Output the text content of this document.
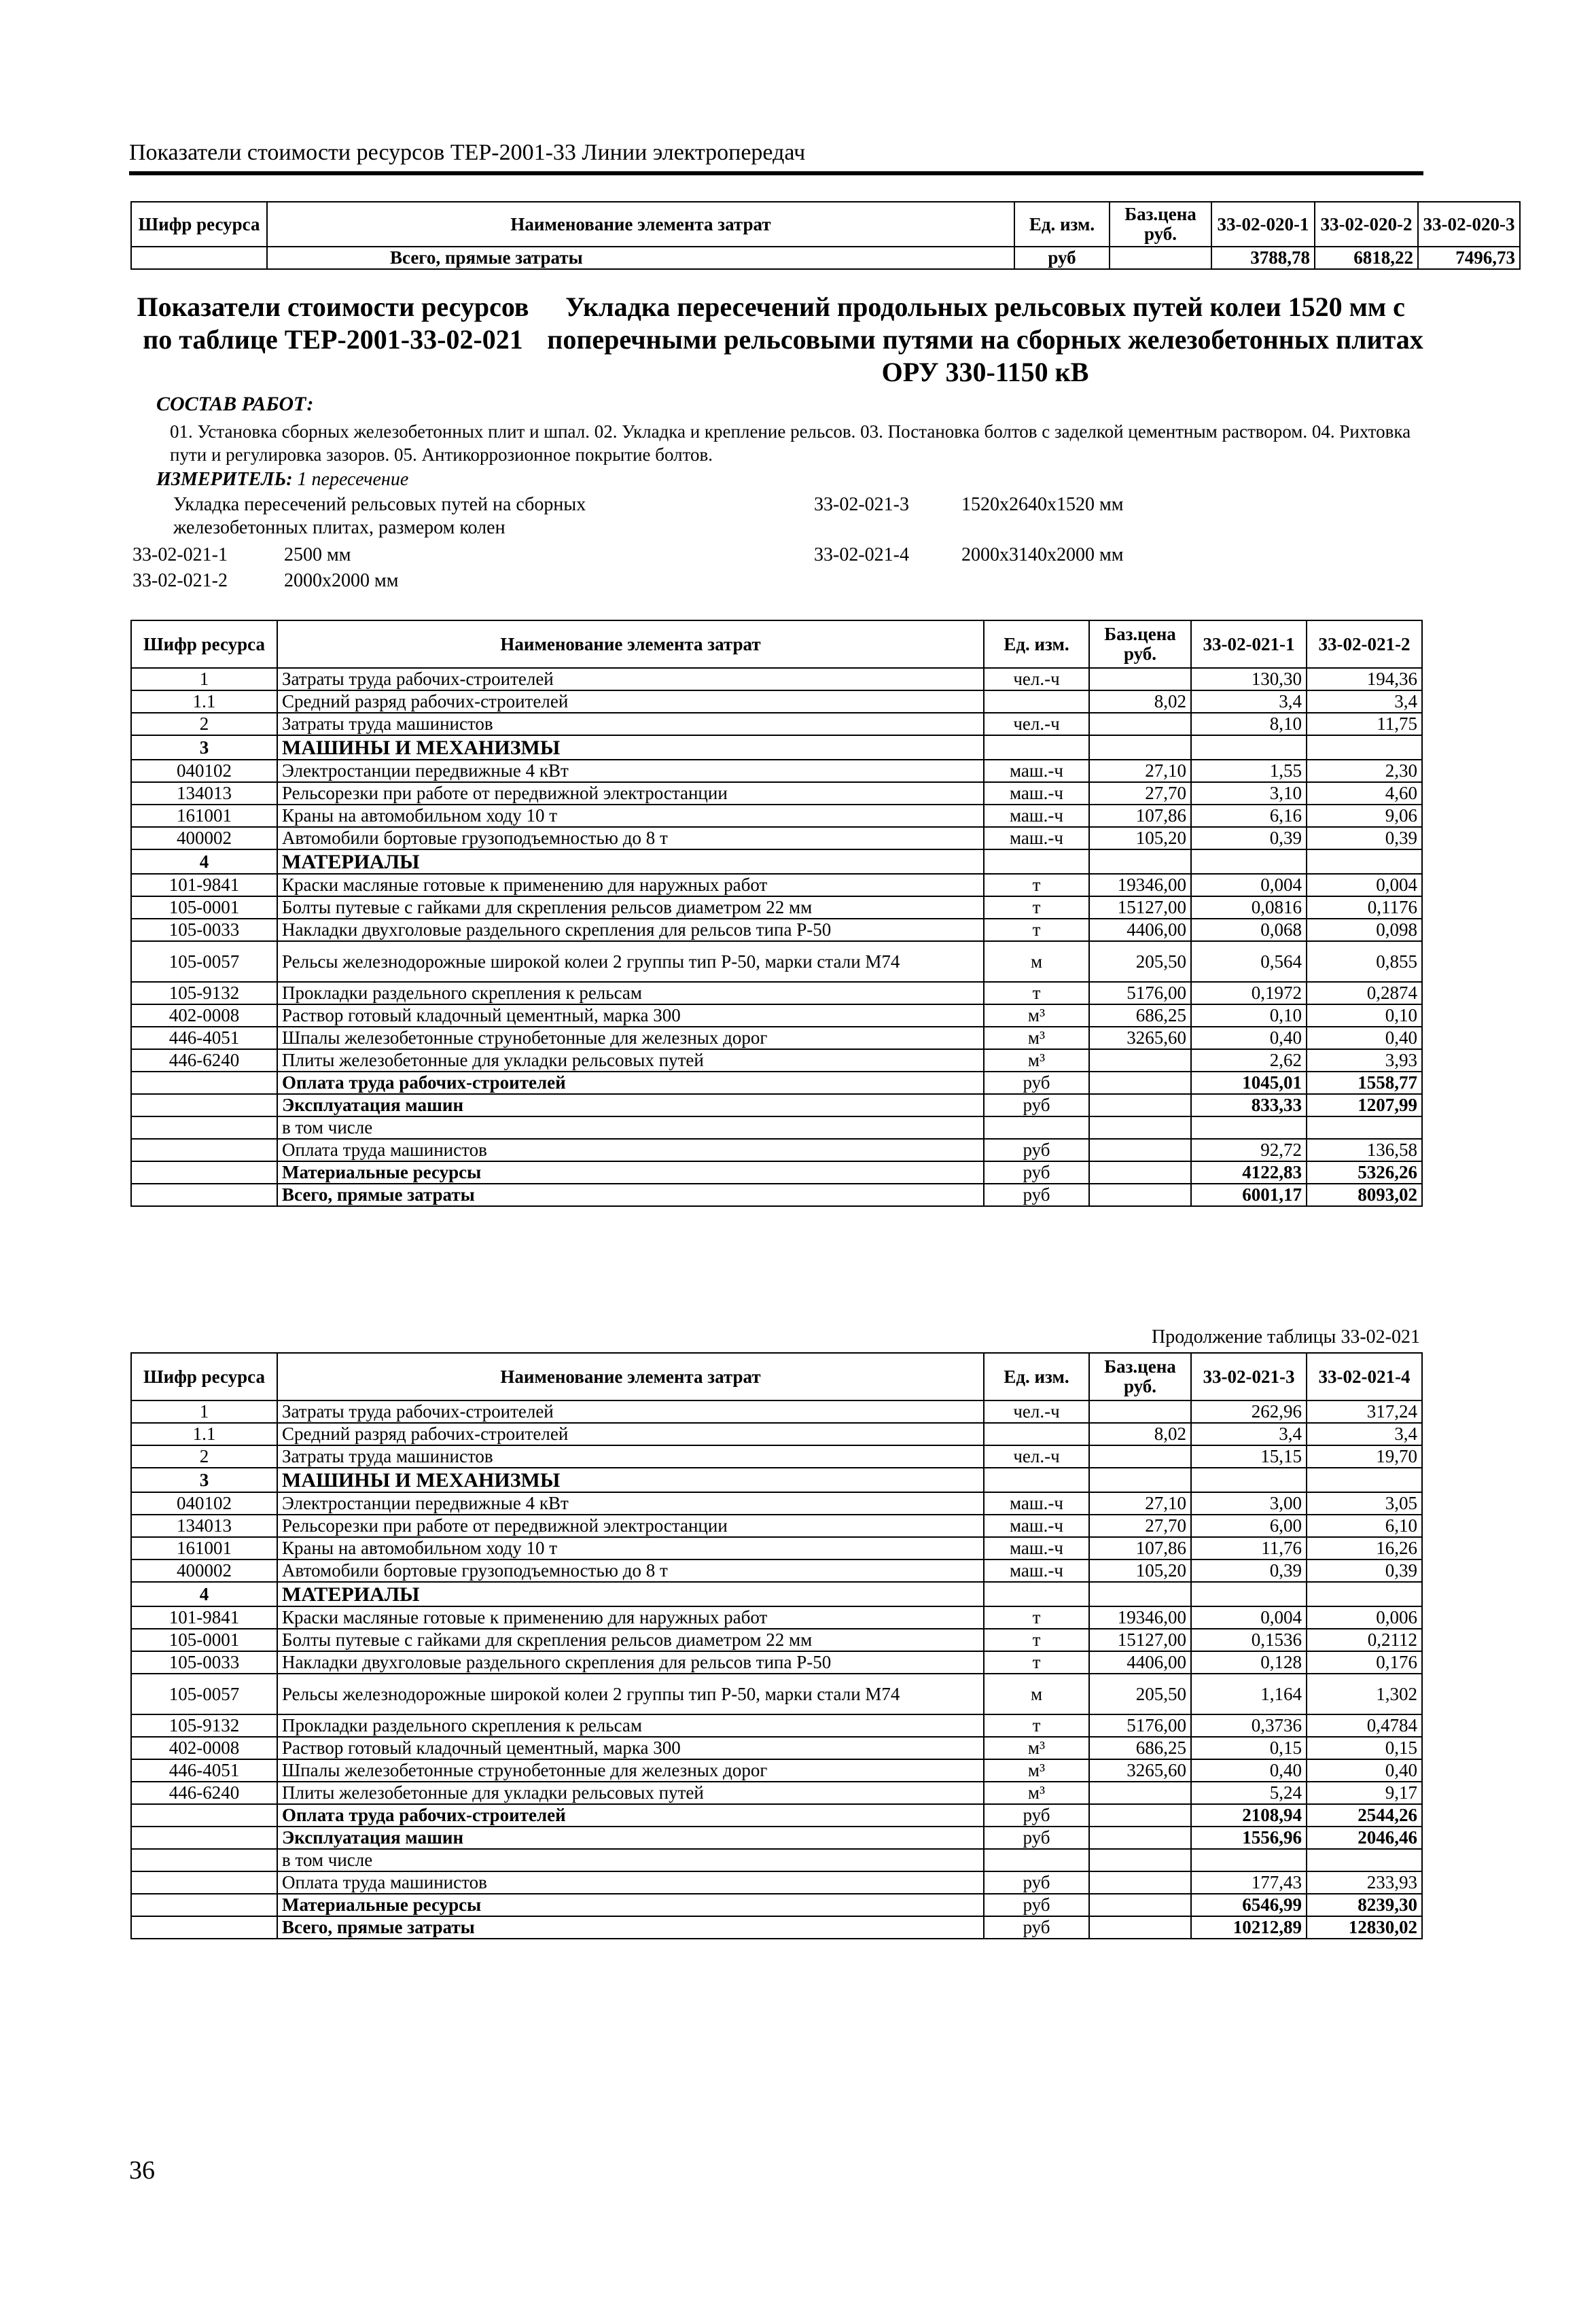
Показатели стоимости ресурсов ТЕР-2001-33 Линии электропередач
Шифр ресурса	Наименование элемента затрат	Ед. изм.	Баз.цена руб.	33-02-020-1	33-02-020-2	33-02-020-3
	Всего, прямые затраты	руб		3788,78	6818,22	7496,73
Показатели стоимости ресурсов по таблице ТЕР-2001-33-02-021
Укладка пересечений продольных рельсовых путей колеи 1520 мм с поперечными рельсовыми путями на сборных железобетонных плитах ОРУ 330-1150 кВ
СОСТАВ РАБОТ:
01. Установка сборных железобетонных плит и шпал. 02. Укладка и крепление рельсов. 03. Постановка болтов с заделкой цементным раствором. 04. Рихтовка пути и регулировка зазоров. 05. Антикоррозионное покрытие болтов.
ИЗМЕРИТЕЛЬ: 1 пересечение
Укладка пересечений рельсовых путей на сборных железобетонных плитах, размером колен
33-02-021-1	2500 мм
33-02-021-2	2000х2000 мм
33-02-021-3	1520х2640х1520 мм
33-02-021-4	2000х3140х2000 мм
Шифр ресурса	Наименование элемента затрат	Ед. изм.	Баз.цена руб.	33-02-021-1	33-02-021-2
1	Затраты труда рабочих-строителей	чел.-ч		130,30	194,36
1.1	Средний разряд рабочих-строителей		8,02	3,4	3,4
2	Затраты труда машинистов	чел.-ч		8,10	11,75
3	МАШИНЫ И МЕХАНИЗМЫ				
040102	Электростанции передвижные 4 кВт	маш.-ч	27,10	1,55	2,30
134013	Рельсорезки при работе от передвижной электростанции	маш.-ч	27,70	3,10	4,60
161001	Краны на автомобильном ходу 10 т	маш.-ч	107,86	6,16	9,06
400002	Автомобили бортовые грузоподъемностью до 8 т	маш.-ч	105,20	0,39	0,39
4	МАТЕРИАЛЫ				
101-9841	Краски масляные готовые к применению для наружных работ	т	19346,00	0,004	0,004
105-0001	Болты путевые с гайками для скрепления рельсов диаметром 22 мм	т	15127,00	0,0816	0,1176
105-0033	Накладки двухголовые раздельного скрепления для рельсов типа Р-50	т	4406,00	0,068	0,098
105-0057	Рельсы железнодорожные широкой колеи 2 группы тип Р-50, марки стали М74	м	205,50	0,564	0,855
105-9132	Прокладки раздельного скрепления к рельсам	т	5176,00	0,1972	0,2874
402-0008	Раствор готовый кладочный цементный, марка 300	м³	686,25	0,10	0,10
446-4051	Шпалы железобетонные струнобетонные для железных дорог	м³	3265,60	0,40	0,40
446-6240	Плиты железобетонные для укладки рельсовых путей	м³		2,62	3,93
	Оплата труда рабочих-строителей	руб		1045,01	1558,77
	Эксплуатация машин	руб		833,33	1207,99
	в том числе				
	Оплата труда машинистов	руб		92,72	136,58
	Материальные ресурсы	руб		4122,83	5326,26
	Всего, прямые затраты	руб		6001,17	8093,02
Продолжение таблицы 33-02-021
Шифр ресурса	Наименование элемента затрат	Ед. изм.	Баз.цена руб.	33-02-021-3	33-02-021-4
1	Затраты труда рабочих-строителей	чел.-ч		262,96	317,24
1.1	Средний разряд рабочих-строителей		8,02	3,4	3,4
2	Затраты труда машинистов	чел.-ч		15,15	19,70
3	МАШИНЫ И МЕХАНИЗМЫ				
040102	Электростанции передвижные 4 кВт	маш.-ч	27,10	3,00	3,05
134013	Рельсорезки при работе от передвижной электростанции	маш.-ч	27,70	6,00	6,10
161001	Краны на автомобильном ходу 10 т	маш.-ч	107,86	11,76	16,26
400002	Автомобили бортовые грузоподъемностью до 8 т	маш.-ч	105,20	0,39	0,39
4	МАТЕРИАЛЫ				
101-9841	Краски масляные готовые к применению для наружных работ	т	19346,00	0,004	0,006
105-0001	Болты путевые с гайками для скрепления рельсов диаметром 22 мм	т	15127,00	0,1536	0,2112
105-0033	Накладки двухголовые раздельного скрепления для рельсов типа Р-50	т	4406,00	0,128	0,176
105-0057	Рельсы железнодорожные широкой колеи 2 группы тип Р-50, марки стали М74	м	205,50	1,164	1,302
105-9132	Прокладки раздельного скрепления к рельсам	т	5176,00	0,3736	0,4784
402-0008	Раствор готовый кладочный цементный, марка 300	м³	686,25	0,15	0,15
446-4051	Шпалы железобетонные струнобетонные для железных дорог	м³	3265,60	0,40	0,40
446-6240	Плиты железобетонные для укладки рельсовых путей	м³		5,24	9,17
	Оплата труда рабочих-строителей	руб		2108,94	2544,26
	Эксплуатация машин	руб		1556,96	2046,46
	в том числе				
	Оплата труда машинистов	руб		177,43	233,93
	Материальные ресурсы	руб		6546,99	8239,30
	Всего, прямые затраты	руб		10212,89	12830,02
36
